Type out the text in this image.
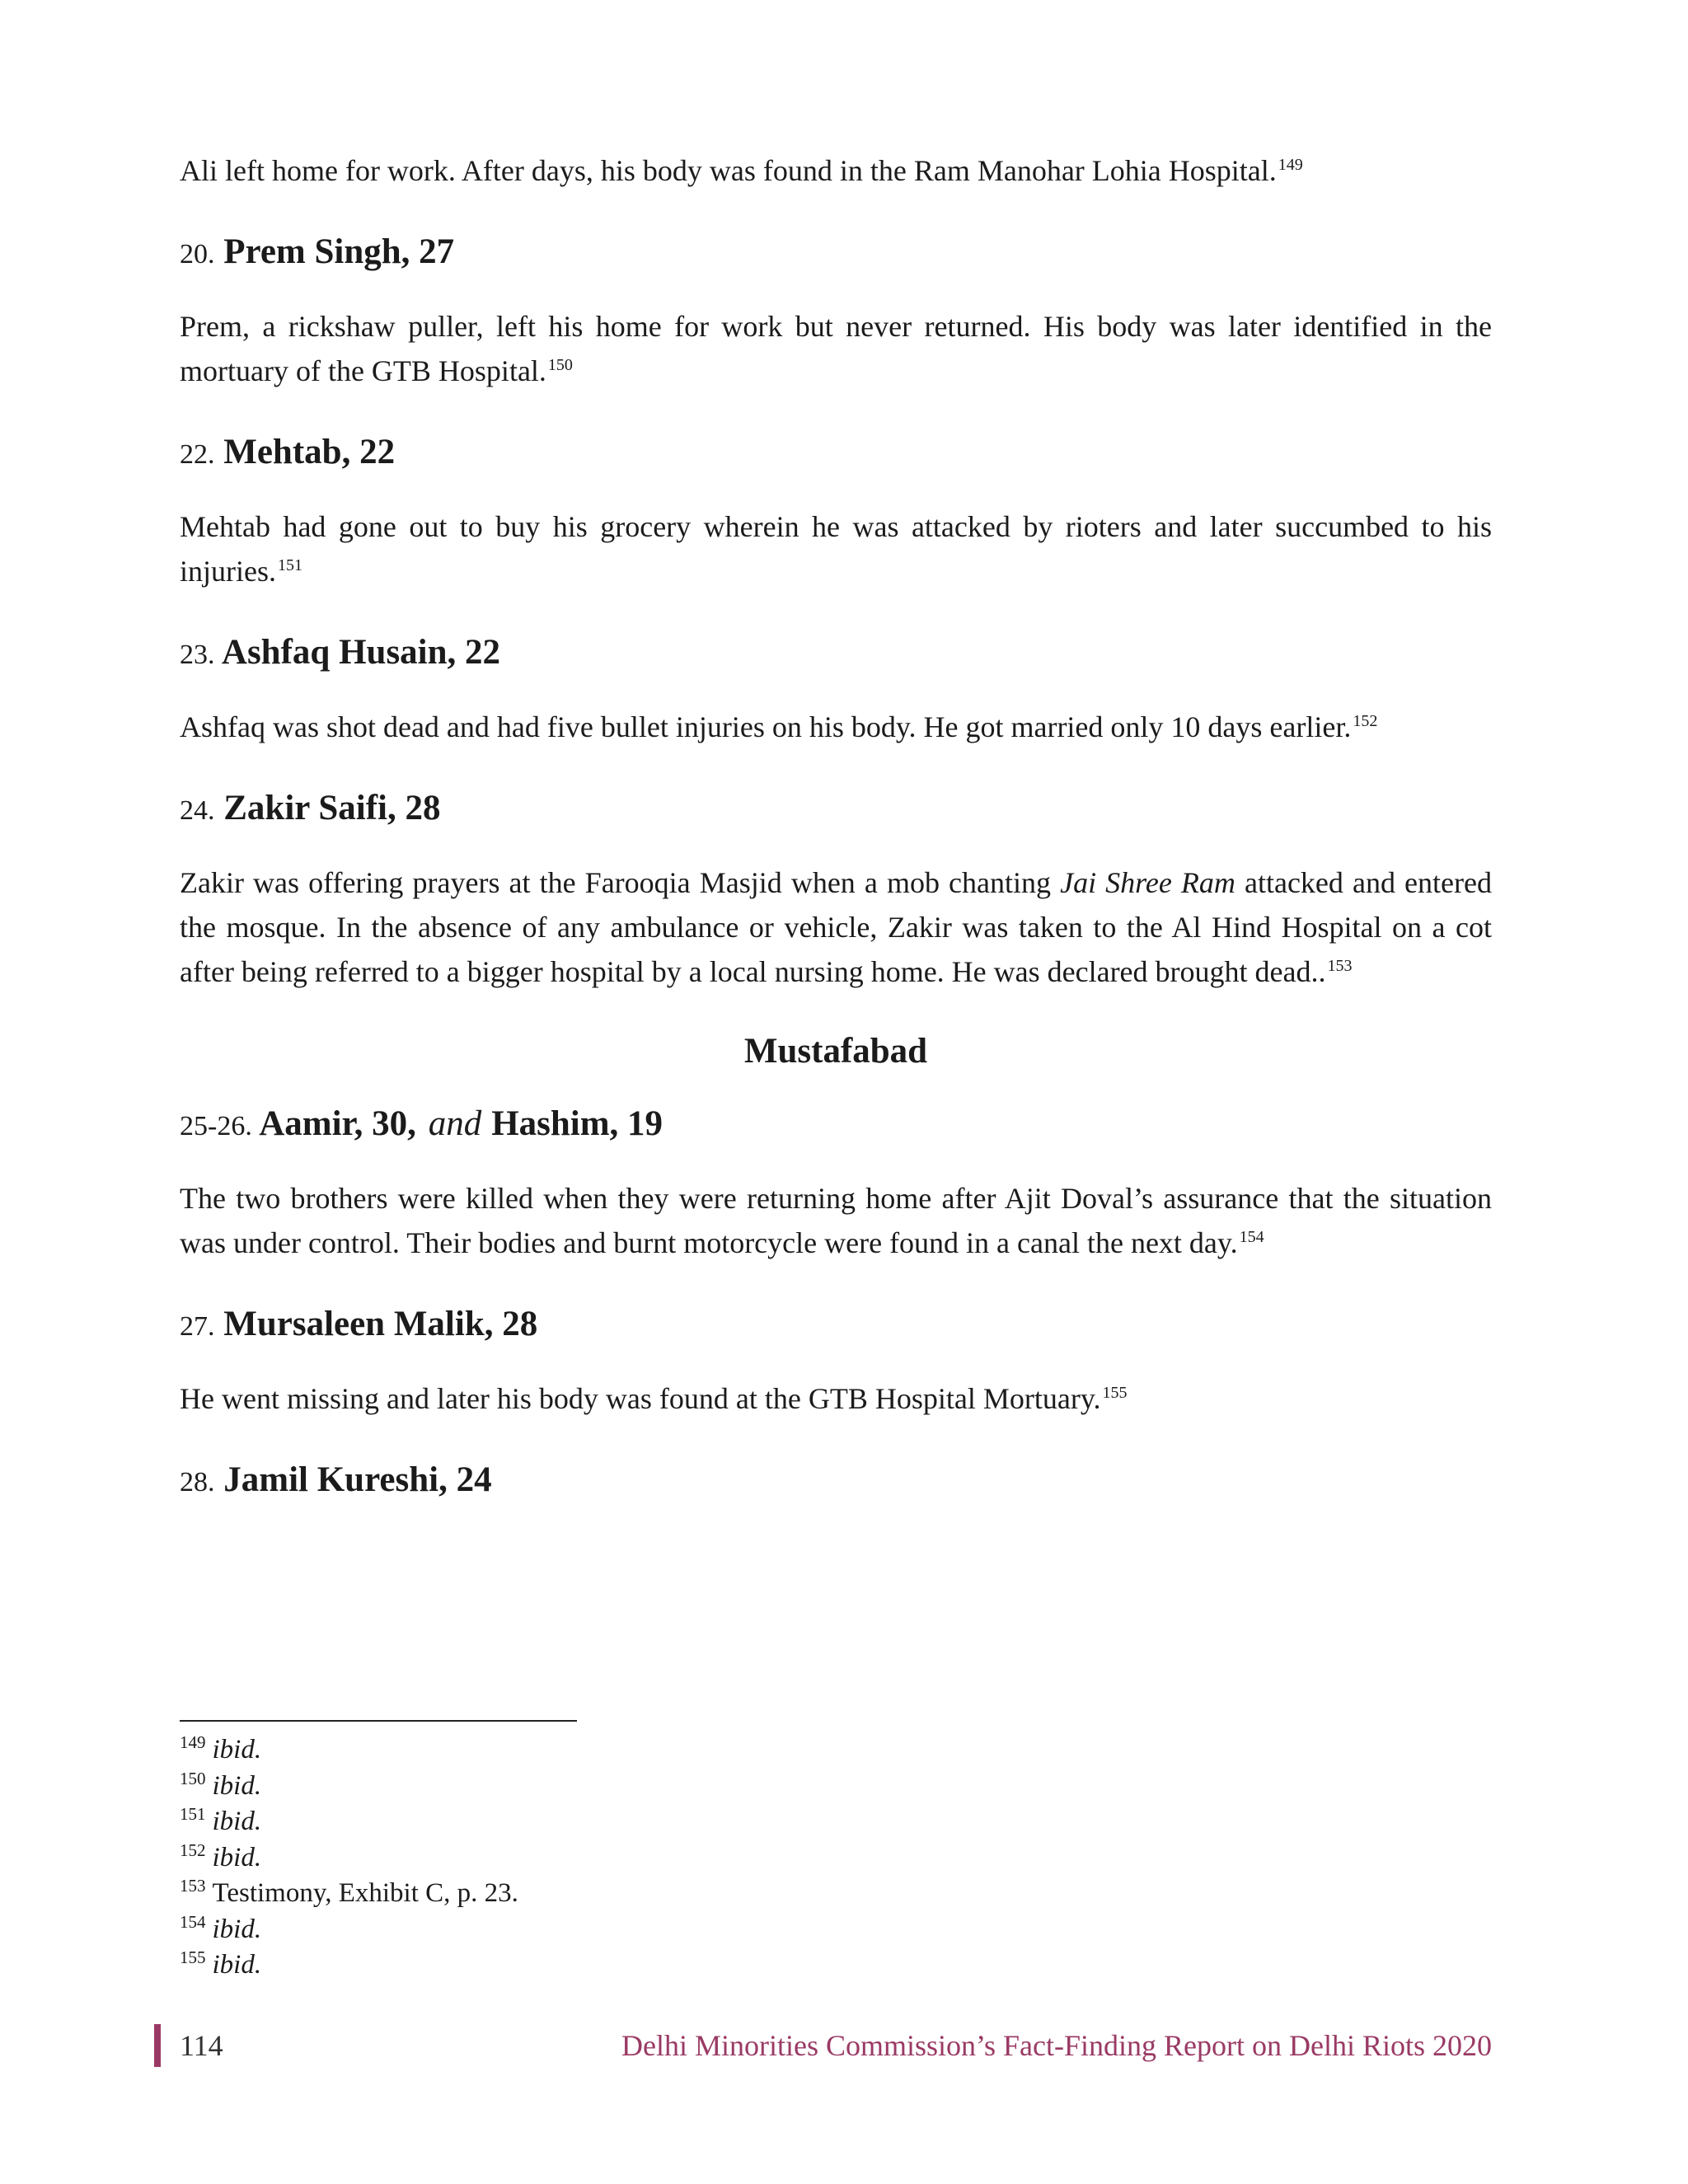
Ali left home for work. After days, his body was found in the Ram Manohar Lohia Hospital. $^{149}$

20. Prem Singh, 27

Prem, a rickshaw puller, left his home for work but never returned. His body was later identified in the mortuary of the GTB Hospital. $^{150}$

22. Mehtab, 22

Mehtab had gone out to buy his grocery wherein he was attacked by rioters and later succumbed to his injuries. $^{151}$

23. Ashfaq Husain, 22

Ashfaq was shot dead and had five bullet injuries on his body. He got married only 10 days earlier. $^{152}$

24. Zakir Saifi, 28

Zakir was offering prayers at the Farooqia Masjid when a mob chanting Jai Shree Ram attacked and entered the mosque. In the absence of any ambulance or vehicle, Zakir was taken to the Al Hind Hospital on a cot after being referred to a bigger hospital by a local nursing home. He was declared brought dead.. $^{153}$

Mustafabad
25-26. Aamir, 30, and Hashim, 19

The two brothers were killed when they were returning home after Ajit Doval’s assurance that the situation was under control. Their bodies and burnt motorcycle were found in a canal the next day. $^{154}$

27. Mursaleen Malik, 28

He went missing and later his body was found at the GTB Hospital Mortuary. $^{155}$

28. Jamil Kureshi, 24

$^{149}$ ibid.

$^{150}$ ibid.

$^{151}$ ibid.

$^{152}$ ibid.

$^{153}$ Testimony, Exhibit C, p. 23.

$^{154}$ ibid.

$^{155}$ ibid.

114	Delhi Minorities Commission’s Fact-Finding Report on Delhi Riots 2020
